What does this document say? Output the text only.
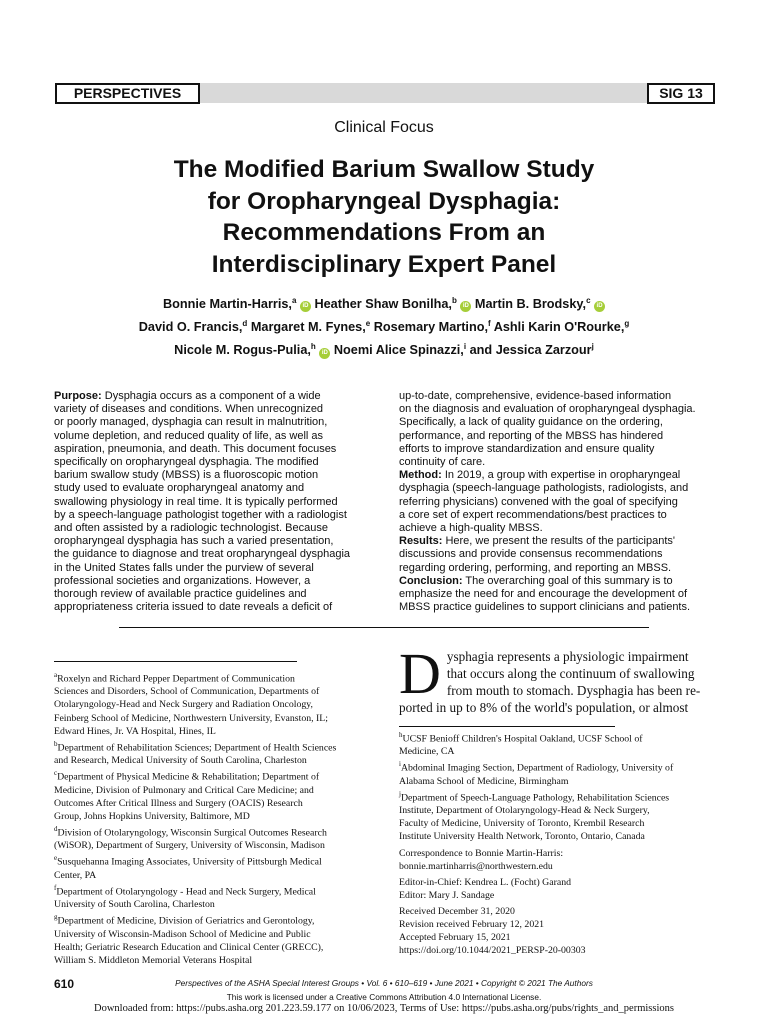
PERSPECTIVES	SIG 13
Clinical Focus
The Modified Barium Swallow Study
for Oropharyngeal Dysphagia:
Recommendations From an
Interdisciplinary Expert Panel
Bonnie Martin-Harris,$^a$ iD Heather Shaw Bonilha,$^b$ iD Martin B. Brodsky,$^c$ iD
David O. Francis,$^d$ Margaret M. Fynes,$^e$ Rosemary Martino,$^f$ Ashli Karin O'Rourke,$^g$
Nicole M. Rogus-Pulia,$^h$ iD Noemi Alice Spinazzi,$^i$ and Jessica Zarzour$^j$
Purpose: Dysphagia occurs as a component of a wide
variety of diseases and conditions. When unrecognized
or poorly managed, dysphagia can result in malnutrition,
volume depletion, and reduced quality of life, as well as
aspiration, pneumonia, and death. This document focuses
specifically on oropharyngeal dysphagia. The modified
barium swallow study (MBSS) is a fluoroscopic motion
study used to evaluate oropharyngeal anatomy and
swallowing physiology in real time. It is typically performed
by a speech-language pathologist together with a radiologist
and often assisted by a radiologic technologist. Because
oropharyngeal dysphagia has such a varied presentation,
the guidance to diagnose and treat oropharyngeal dysphagia
in the United States falls under the purview of several
professional societies and organizations. However, a
thorough review of available practice guidelines and
appropriateness criteria issued to date reveals a deficit of
up-to-date, comprehensive, evidence-based information
on the diagnosis and evaluation of oropharyngeal dysphagia.
Specifically, a lack of quality guidance on the ordering,
performance, and reporting of the MBSS has hindered
efforts to improve standardization and ensure quality
continuity of care.
Method: In 2019, a group with expertise in oropharyngeal
dysphagia (speech-language pathologists, radiologists, and
referring physicians) convened with the goal of specifying
a core set of expert recommendations/best practices to
achieve a high-quality MBSS.
Results: Here, we present the results of the participants'
discussions and provide consensus recommendations
regarding ordering, performing, and reporting an MBSS.
Conclusion: The overarching goal of this summary is to
emphasize the need for and encourage the development of
MBSS practice guidelines to support clinicians and patients.

$^a$Roxelyn and Richard Pepper Department of Communication

Sciences and Disorders, School of Communication, Departments of

Otolaryngology-Head and Neck Surgery and Radiation Oncology,

Feinberg School of Medicine, Northwestern University, Evanston, IL;

Edward Hines, Jr. VA Hospital, Hines, IL

$^b$Department of Rehabilitation Sciences; Department of Health Sciences

and Research, Medical University of South Carolina, Charleston

$^c$Department of Physical Medicine & Rehabilitation; Department of

Medicine, Division of Pulmonary and Critical Care Medicine; and

Outcomes After Critical Illness and Surgery (OACIS) Research

Group, Johns Hopkins University, Baltimore, MD

$^d$Division of Otolaryngology, Wisconsin Surgical Outcomes Research

(WiSOR), Department of Surgery, University of Wisconsin, Madison

$^e$Susquehanna Imaging Associates, University of Pittsburgh Medical

Center, PA

$^f$Department of Otolaryngology - Head and Neck Surgery, Medical

University of South Carolina, Charleston

$^g$Department of Medicine, Division of Geriatrics and Gerontology,

University of Wisconsin-Madison School of Medicine and Public

Health; Geriatric Research Education and Clinical Center (GRECC),

William S. Middleton Memorial Veterans Hospital

D ysphagia represents a physiologic impairment
that occurs along the continuum of swallowing
from mouth to stomach. Dysphagia has been re-
ported in up to 8% of the world's population, or almost

$^h$UCSF Benioff Children's Hospital Oakland, UCSF School of

Medicine, CA

$^i$Abdominal Imaging Section, Department of Radiology, University of

Alabama School of Medicine, Birmingham

$^j$Department of Speech-Language Pathology, Rehabilitation Sciences

Institute, Department of Otolaryngology-Head & Neck Surgery,

Faculty of Medicine, University of Toronto, Krembil Research

Institute University Health Network, Toronto, Ontario, Canada

Correspondence to Bonnie Martin-Harris:

bonnie.martinharris@northwestern.edu

Editor-in-Chief: Kendrea L. (Focht) Garand

Editor: Mary J. Sandage

Received December 31, 2020

Revision received February 12, 2021

Accepted February 15, 2021

https://doi.org/10.1044/2021_PERSP-20-00303

610	Perspectives of the ASHA Special Interest Groups • Vol. 6 • 610–619 • June 2021 • Copyright © 2021 The Authors
This work is licensed under a Creative Commons Attribution 4.0 International License.
Downloaded from: https://pubs.asha.org 201.223.59.177 on 10/06/2023, Terms of Use: https://pubs.asha.org/pubs/rights_and_permissions
